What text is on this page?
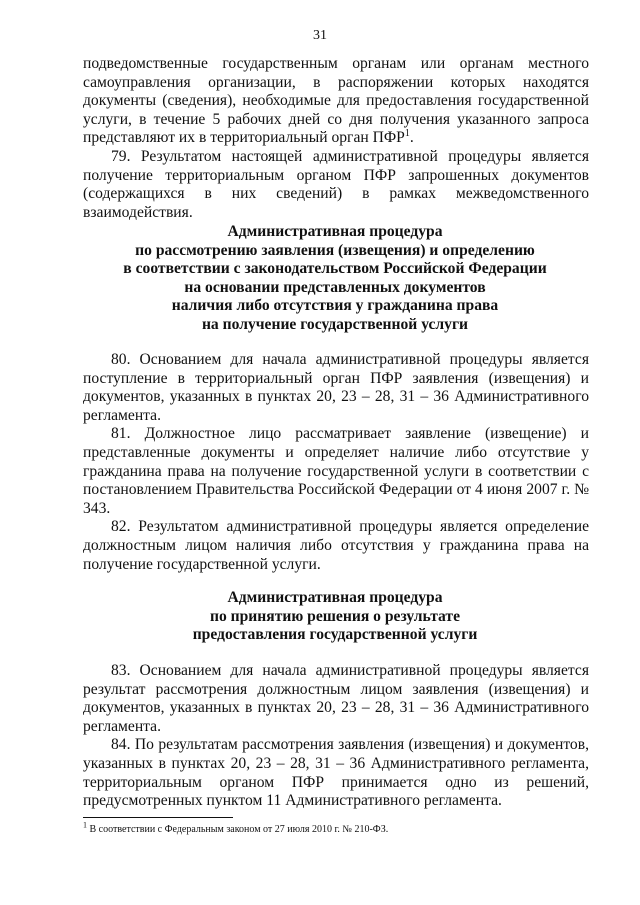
31

подведомственные государственным органам или органам местного самоуправления организации, в распоряжении которых находятся документы (сведения), необходимые для предоставления государственной услуги, в течение 5 рабочих дней со дня получения указанного запроса представляют их в территориальный орган ПФР$^1$.

79. Результатом настоящей административной процедуры является получение территориальным органом ПФР запрошенных документов (содержащихся в них сведений) в рамках межведомственного взаимодействия.

Административная процедура
по рассмотрению заявления (извещения) и определению
в соответствии с законодательством Российской Федерации
на основании представленных документов
наличия либо отсутствия у гражданина права
на получение государственной услуги

80. Основанием для начала административной процедуры является поступление в территориальный орган ПФР заявления (извещения) и документов, указанных в пунктах 20, 23 – 28, 31 – 36 Административного регламента.

81. Должностное лицо рассматривает заявление (извещение) и представленные документы и определяет наличие либо отсутствие у гражданина права на получение государственной услуги в соответствии с постановлением Правительства Российской Федерации от 4 июня 2007 г. № 343.

82. Результатом административной процедуры является определение должностным лицом наличия либо отсутствия у гражданина права на получение государственной услуги.

Административная процедура
по принятию решения о результате
предоставления государственной услуги

83. Основанием для начала административной процедуры является результат рассмотрения должностным лицом заявления (извещения) и документов, указанных в пунктах 20, 23 – 28, 31 – 36 Административного регламента.

84. По результатам рассмотрения заявления (извещения) и документов, указанных в пунктах 20, 23 – 28, 31 – 36 Административного регламента, территориальным органом ПФР принимается одно из решений, предусмотренных пунктом 11 Административного регламента.

$^1$ В соответствии с Федеральным законом от 27 июля 2010 г. № 210-ФЗ.
